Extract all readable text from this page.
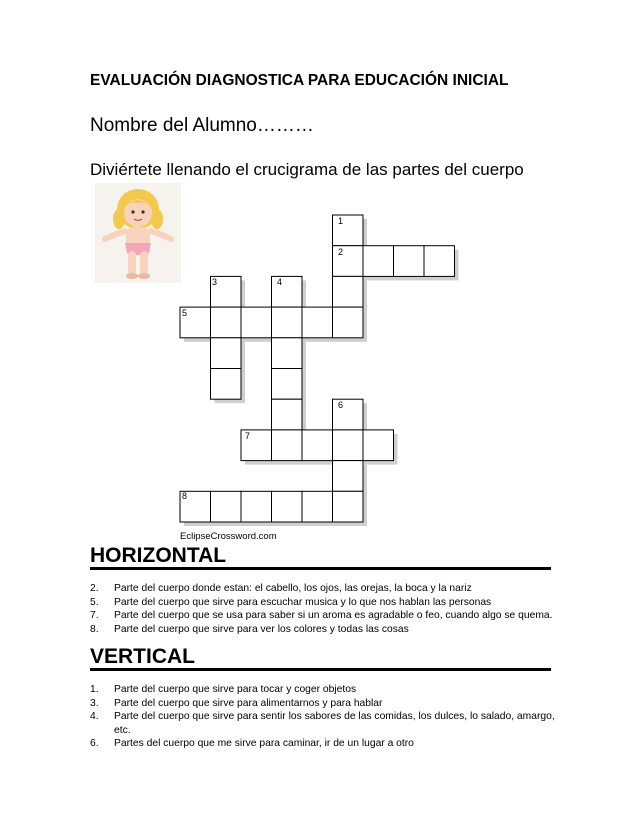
EVALUACIÓN DIAGNOSTICA PARA EDUCACIÓN INICIAL
Nombre del Alumno………
Diviértete llenando el crucigrama de las partes del cuerpo
1
2
3	4
5
6
7
8
EclipseCrossword.com
HORIZONTAL
2.	Parte del cuerpo donde estan: el cabello, los ojos, las orejas, la boca y la nariz
5.	Parte del cuerpo que sirve para escuchar musica y lo que nos hablan las personas
7.	Parte del cuerpo que se usa para saber si un aroma es agradable o feo, cuando algo se quema.
8.	Parte del cuerpo que sirve para ver los colores y todas las cosas
VERTICAL
1.	Parte del cuerpo que sirve para tocar y coger objetos
3.	Parte del cuerpo que sirve para alimentarnos y para hablar
4.	Parte del cuerpo que sirve para sentir los sabores de las comidas, los dulces, lo salado, amargo, etc.
6.	Partes del cuerpo que me sirve para caminar, ir de un lugar a otro
